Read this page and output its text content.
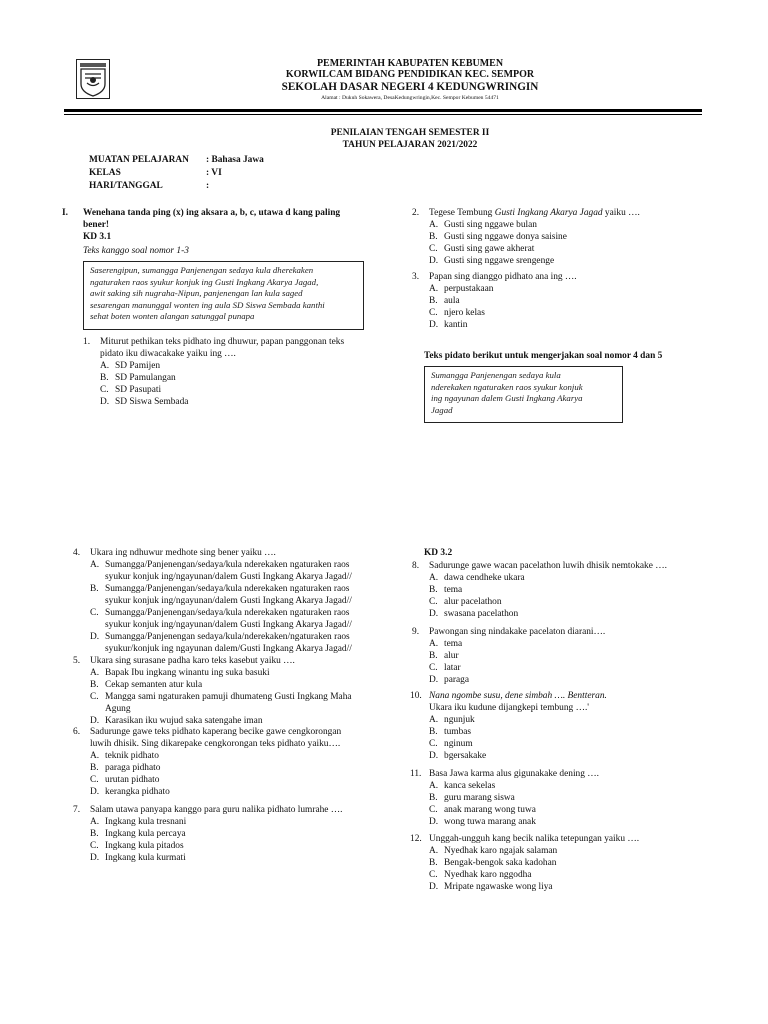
PEMERINTAH KABUPATEN KEBUMEN
KORWILCAM BIDANG PENDIDIKAN KEC. SEMPOR
SEKOLAH DASAR NEGERI 4 KEDUNGWRINGIN
Alamat : Dukuh Sokawera, DesaKedungwringin,Kec. Sempor Kebumen 54471
PENILAIAN TENGAH SEMESTER II
TAHUN PELAJARAN 2021/2022
MUATAN PELAJARAN	: Bahasa Jawa
KELAS	: VI
HARI/TANGGAL	:
I. Wenehana tanda ping (x) ing aksara a, b, c, utawa d kang paling
bener!
KD 3.1
Teks kanggo soal nomor 1-3
Saserengipun, sumangga Panjenengan sedaya kula dherekaken
ngaturaken raos syukur konjuk ing Gusti Ingkang Akarya Jagad,
awit saking sih nugraha-Nipun, panjenengan lan kula saged
sesarengan manunggal wonten ing aula SD Siswa Sembada kanthi
sehat boten wonten alangan satunggal punapa
1.	Miturut pethikan teks pidhato ing dhuwur, papan panggonan teks
pidato iku diwacakake yaiku ing ….
A. SD Pamijen
B. SD Pamulangan
C. SD Pasupati
D. SD Siswa Sembada
2.	Tegese Tembung Gusti Ingkang Akarya Jagad yaiku ….
A. Gusti sing nggawe bulan
B. Gusti sing nggawe donya saisine
C. Gusti sing gawe akherat
D. Gusti sing nggawe srengenge
3.	Papan sing dianggo pidhato ana ing ….
A. perpustakaan
B. aula
C. njero kelas
D. kantin
Teks pidato berikut untuk mengerjakan soal nomor 4 dan 5
Sumangga Panjenengan sedaya kula
nderekaken ngaturaken raos syukur konjuk
ing ngayunan dalem Gusti Ingkang Akarya
Jagad
4.	Ukara ing ndhuwur medhote sing bener yaiku ….
A. Sumangga/Panjenengan/sedaya/kula nderekaken ngaturaken raos
syukur konjuk ing/ngayunan/dalem Gusti Ingkang Akarya Jagad//
B. Sumangga/Panjenengan/sedaya/kula nderekaken ngaturaken raos
syukur konjuk ing/ngayunan/dalem Gusti Ingkang Akarya Jagad//
C. Sumangga/Panjenengan/sedaya/kula nderekaken ngaturaken raos
syukur konjuk ing/ngayunan/dalem Gusti Ingkang Akarya Jagad//
D. Sumangga/Panjenengan sedaya/kula/nderekaken/ngaturaken raos
syukur/konjuk ing ngayunan dalem/Gusti Ingkang Akarya Jagad//
5.	Ukara sing surasane padha karo teks kasebut yaiku ….
A. Bapak Ibu ingkang winantu ing suka basuki
B. Cekap semanten atur kula
C. Mangga sami ngaturaken pamuji dhumateng Gusti Ingkang Maha
Agung
D. Karasikan iku wujud saka satengahe iman
6.	Sadurunge gawe teks pidhato kaperang becike gawe cengkorongan
luwih dhisik. Sing dikarepake cengkorongan teks pidhato yaiku….
A. teknik pidhato
B. paraga pidhato
C. urutan pidhato
D. kerangka pidhato
7.	Salam utawa panyapa kanggo para guru nalika pidhato lumrahe ….
A. Ingkang kula tresnani
B. Ingkang kula percaya
C. Ingkang kula pitados
D. Ingkang kula kurmati
KD 3.2
8.	Sadurunge gawe wacan pacelathon luwih dhisik nemtokake ….
A. dawa cendheke ukara
B. tema
C. alur pacelathon
D. swasana pacelathon
9.	Pawongan sing nindakake pacelaton diarani….
A. tema
B. alur
C. latar
D. paraga
10. Nana ngombe susu, dene simbah …. Bentteran.
Ukara iku kudune dijangkepi tembung ….'
A. ngunjuk
B. tumbas
C. nginum
D. bgersakake
11. Basa Jawa karma alus gigunakake dening ….
A. kanca sekelas
B. guru marang siswa
C. anak marang wong tuwa
D. wong tuwa marang anak
12. Unggah-ungguh kang becik nalika tetepungan yaiku ….
A. Nyedhak karo ngajak salaman
B. Bengak-bengok saka kadohan
C. Nyedhak karo nggodha
D. Mripate ngawaske wong liya
